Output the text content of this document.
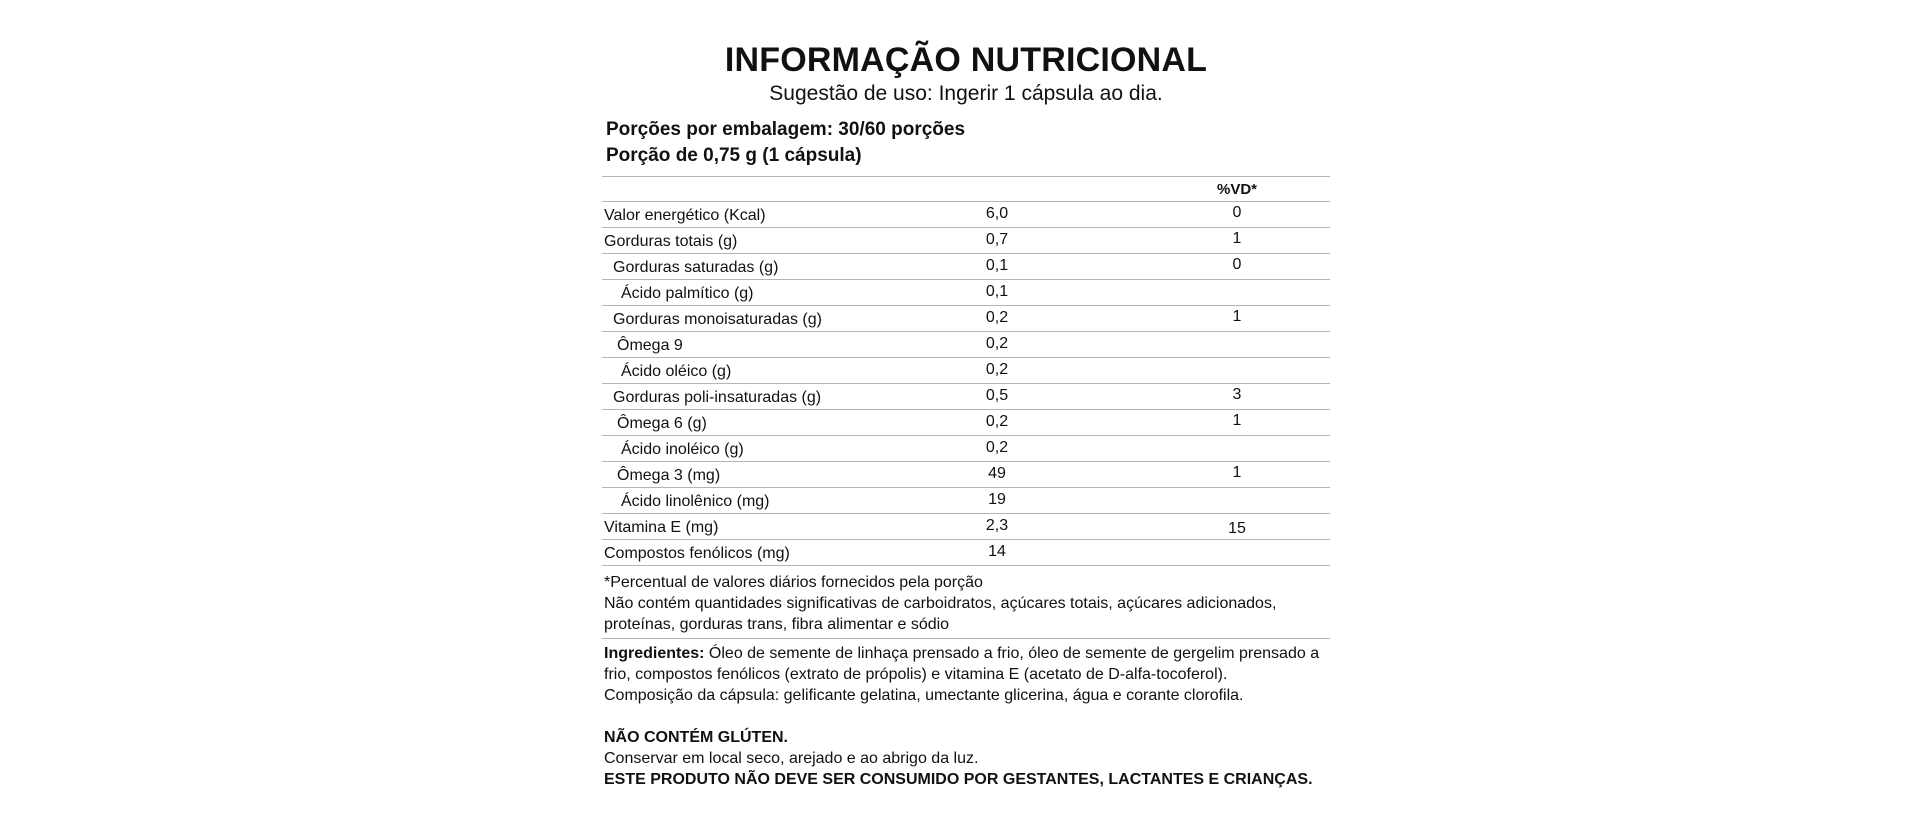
INFORMAÇÃO NUTRICIONAL
Sugestão de uso: Ingerir 1 cápsula ao dia.
Porções por embalagem: 30/60 porções
Porção de 0,75 g (1 cápsula)
%VD*
Valor energético (Kcal)	6,0	0
Gorduras totais (g)	0,7	1
Gorduras saturadas (g)	0,1	0
Ácido palmítico (g)	0,1
Gorduras monoisaturadas (g)	0,2	1
Ômega 9	0,2
Ácido oléico (g)	0,2
Gorduras poli-insaturadas (g)	0,5	3
Ômega 6 (g)	0,2	1
Ácido inoléico (g)	0,2
Ômega 3 (mg)	49	1
Ácido linolênico (mg)	19
Vitamina E (mg)	2,3	15
Compostos fenólicos (mg)	14
*Percentual de valores diários fornecidos pela porção
Não contém quantidades significativas de carboidratos, açúcares totais, açúcares adicionados, proteínas, gorduras trans, fibra alimentar e sódio
Ingredientes: Óleo de semente de linhaça prensado a frio, óleo de semente de gergelim prensado a frio, compostos fenólicos (extrato de própolis) e vitamina E (acetato de D-alfa-tocoferol).
Composição da cápsula: gelificante gelatina, umectante glicerina, água e corante clorofila.
NÃO CONTÉM GLÚTEN.
Conservar em local seco, arejado e ao abrigo da luz.
ESTE PRODUTO NÃO DEVE SER CONSUMIDO POR GESTANTES, LACTANTES E CRIANÇAS.
